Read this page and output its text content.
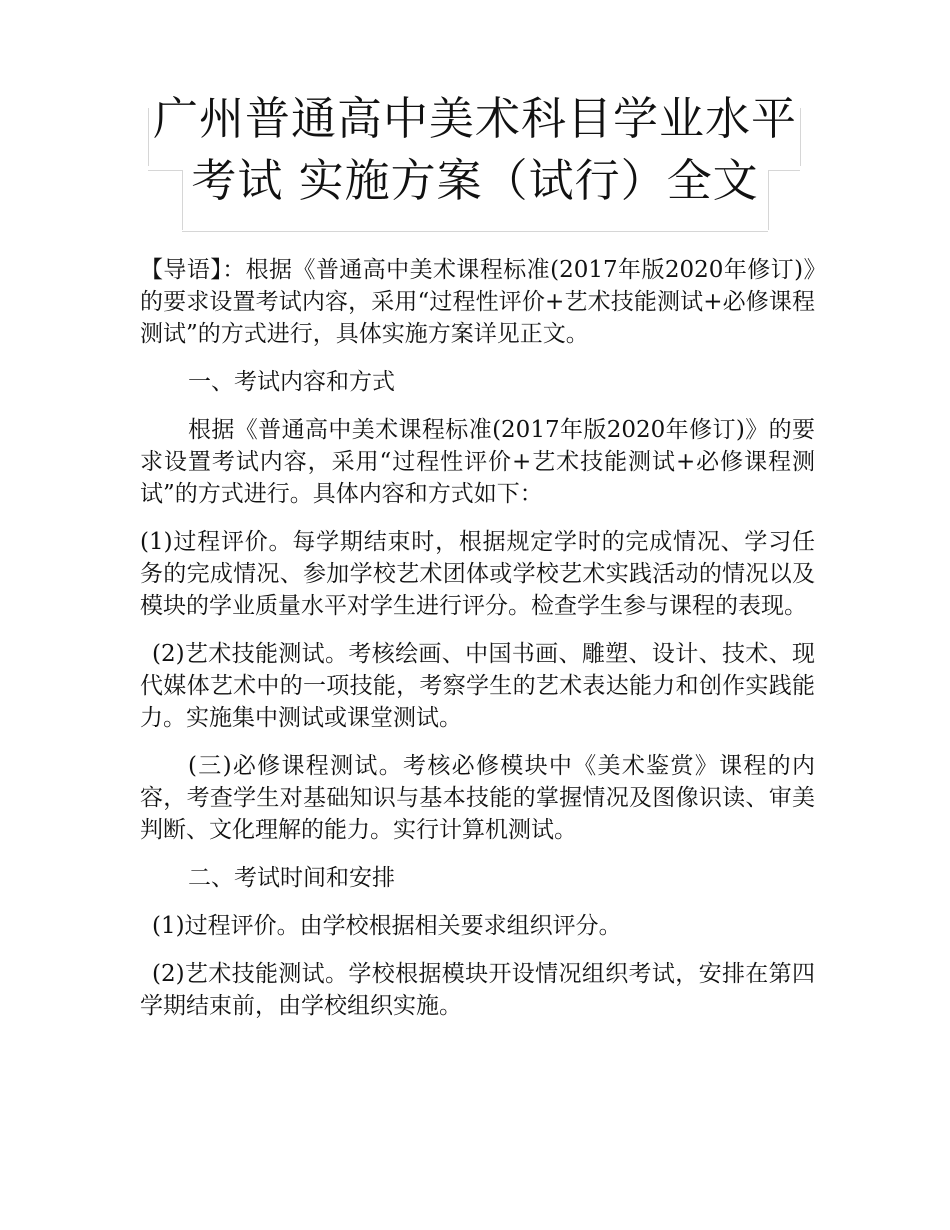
广州普通高中美术科目学业水平
考试 实施方案（试行）全文

【导语】：根据《普通高中美术课程标准(2017年版2020年修订)》的要求设置考试内容，采用“过程性评价+艺术技能测试+必修课程测试”的方式进行，具体实施方案详见正文。

一、考试内容和方式

根据《普通高中美术课程标准(2017年版2020年修订)》的要求设置考试内容，采用“过程性评价+艺术技能测试+必修课程测试”的方式进行。具体内容和方式如下：

(1)过程评价。每学期结束时，根据规定学时的完成情况、学习任务的完成情况、参加学校艺术团体或学校艺术实践活动的情况以及模块的学业质量水平对学生进行评分。检查学生参与课程的表现。

(2)艺术技能测试。考核绘画、中国书画、雕塑、设计、技术、现代媒体艺术中的一项技能，考察学生的艺术表达能力和创作实践能力。实施集中测试或课堂测试。

(三)必修课程测试。考核必修模块中《美术鉴赏》课程的内容，考查学生对基础知识与基本技能的掌握情况及图像识读、审美判断、文化理解的能力。实行计算机测试。

二、考试时间和安排

(1)过程评价。由学校根据相关要求组织评分。

(2)艺术技能测试。学校根据模块开设情况组织考试，安排在第四学期结束前，由学校组织实施。
